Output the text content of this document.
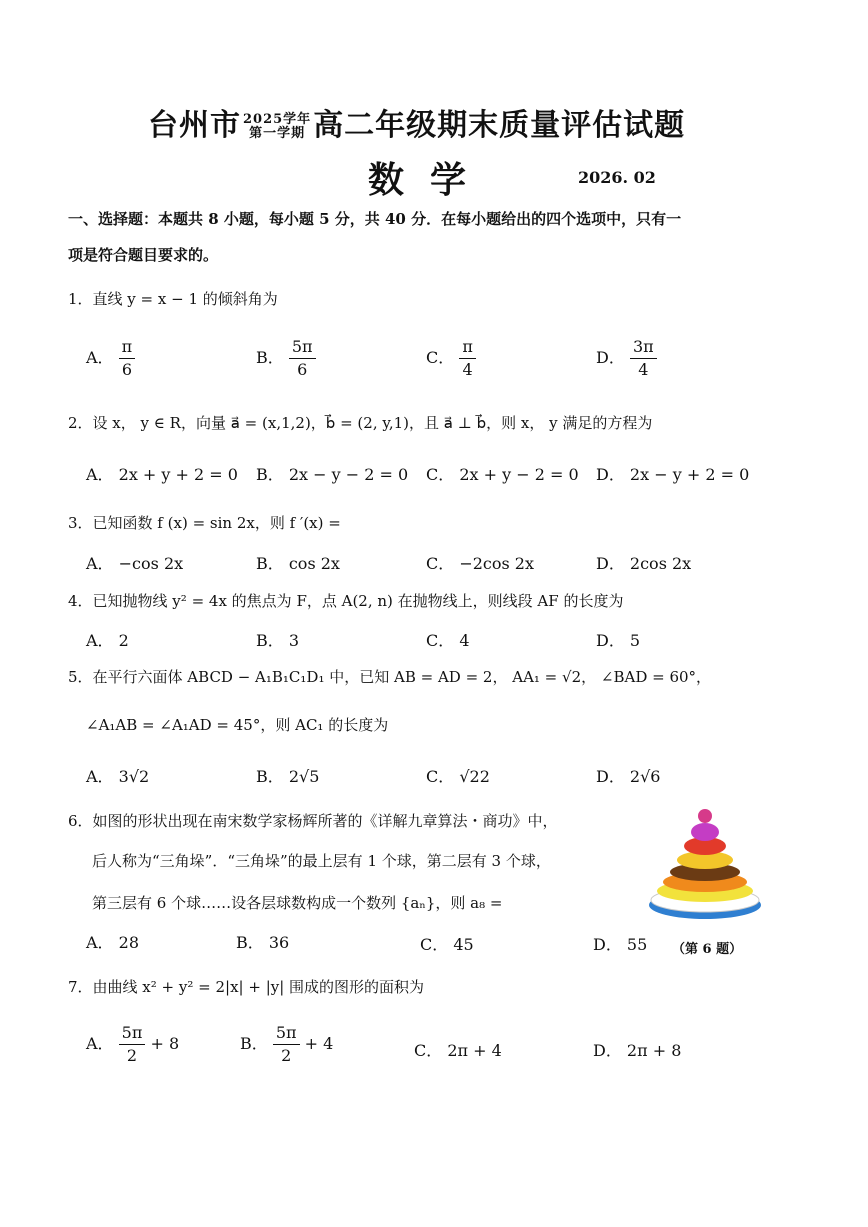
台州市 2025学年
第一学期 高二年级期末质量评估试题
数学	2026. 02
一、选择题：本题共 8 小题，每小题 5 分，共 40 分．在每小题给出的四个选项中，只有一
项是符合题目要求的。
1．直线 y = x − 1 的倾斜角为
A． $\frac{\pi}{6}$	B． $\frac{5\pi}{6}$	C． $\frac{\pi}{4}$	D． $\frac{3\pi}{4}$
2．设 x， y ∈ R，向量 a⃗ = (x,1,2)，b⃗ = (2, y,1)，且 a⃗ ⊥ b⃗，则 x， y 满足的方程为
A． 2x + y + 2 = 0 B． 2x − y − 2 = 0 C． 2x + y − 2 = 0 D． 2x − y + 2 = 0
3．已知函数 f (x) = sin 2x，则 f ′(x) =
A． −cos 2x	B． cos 2x	C． −2cos 2x	D． 2cos 2x
4．已知抛物线 y² = 4x 的焦点为 F，点 A(2, n) 在抛物线上，则线段 AF 的长度为
A． 2	B． 3	C． 4	D． 5
5．在平行六面体 ABCD − A₁B₁C₁D₁ 中，已知 AB = AD = 2， AA₁ = √2， ∠BAD = 60°，
∠A₁AB = ∠A₁AD = 45°，则 AC₁ 的长度为
A． 3√2	B． 2√5	C． √22	D． 2√6
6．如图的形状出现在南宋数学家杨辉所著的《详解九章算法・商功》中，
后人称为“三角垛”．“三角垛”的最上层有 1 个球，第二层有 3 个球，
第三层有 6 个球……设各层球数构成一个数列 {aₙ}，则 a₈ =
A． 28	B． 36	C． 45	D． 55 （第 6 题）
7．由曲线 x² + y² = 2|x| + |y| 围成的图形的面积为
A． $\frac{5\pi}{2} + 8$	B． $\frac{5\pi}{2} + 4$	C． 2π + 4	D． 2π + 8
